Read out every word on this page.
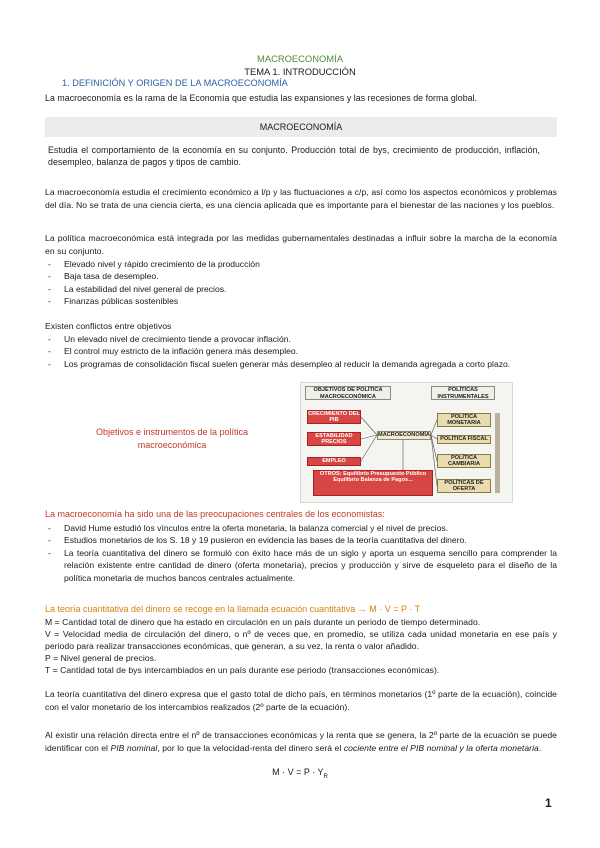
MACROECONOMÍA
TEMA 1. INTRODUCCIÓN
1. DEFINICIÓN Y ORIGEN DE LA MACROECONOMÍA
La macroeconomía es la rama de la Economía que estudia las expansiones y las recesiones de forma global.
MACROECONOMÍA
Estudia el comportamiento de la economía en su conjunto. Producción total de bys, crecimiento de producción, inflación, desempleo, balanza de pagos y tipos de cambio.
La macroeconomía estudia el crecimiento económico a l/p y las fluctuaciones a c/p, así como los aspectos económicos y problemas del día. No se trata de una ciencia cierta, es una ciencia aplicada que es importante para el bienestar de las naciones y los pueblos.
La política macroeconómica está integrada por las medidas gubernamentales destinadas a influir sobre la marcha de la economía en su conjunto.
- Elevado nivel y rápido crecimiento de la producción
- Baja tasa de desempleo.
- La estabilidad del nivel general de precios.
- Finanzas públicas sostenibles
Existen conflictos entre objetivos
- Un elevado nivel de crecimiento tiende a provocar inflación.
- El control muy estricto de la inflación genera más desempleo.
- Los programas de consolidación fiscal suelen generar más desempleo al reducir la demanda agregada a corto plazo.
Objetivos e instrumentos de la política macroeconómica
OBJETIVOS DE POLÍTICA MACROECONÓMICA
POLÍTICAS INSTRUMENTALES
CRECIMIENTO DEL PIB
ESTABILIDAD PRECIOS
EMPLEO
MACROECONOMÍA
OTROS: Equilibrio Presupuesto Público Equilibrio Balanza de Pagos...
POLÍTICA MONETARIA
POLÍTICA FISCAL
POLÍTICA CAMBIARIA
POLÍTICAS DE OFERTA
La macroeconomía ha sido una de las preocupaciones centrales de los economistas:
- David Hume estudió los vínculos entre la oferta monetaria, la balanza comercial y el nivel de precios.
- Estudios monetarios de los S. 18 y 19 pusieron en evidencia las bases de la teoría cuantitativa del dinero.
- La teoría cuantitativa del dinero se formuló con éxito hace más de un siglo y aporta un esquema sencillo para comprender la relación existente entre cantidad de dinero (oferta monetaria), precios y producción y sirve de esqueleto para el diseño de la política monetaria de muchos bancos centrales actualmente.
La teoría cuantitativa del dinero se recoge en la llamada ecuación cuantitativa → M · V = P · T
M = Cantidad total de dinero que ha estado en circulación en un país durante un periodo de tiempo determinado.
V = Velocidad media de circulación del dinero, o nº de veces que, en promedio, se utiliza cada unidad monetaria en ese país y periodo para realizar transacciones económicas, que generan, a su vez, la renta o valor añadido.
P = Nivel general de precios.
T = Cantidad total de bys intercambiados en un país durante ese periodo (transacciones económicas).
La teoría cuantitativa del dinero expresa que el gasto total de dicho país, en términos monetarios (1º parte de la ecuación), coincide con el valor monetario de los intercambios realizados (2º parte de la ecuación).
Al existir una relación directa entre el nº de transacciones económicas y la renta que se genera, la 2º parte de la ecuación se puede identificar con el PIB nominal, por lo que la velocidad-renta del dinero será el cociente entre el PIB nominal y la oferta monetaria.
$M \cdot V = P \cdot Y_R$
1
